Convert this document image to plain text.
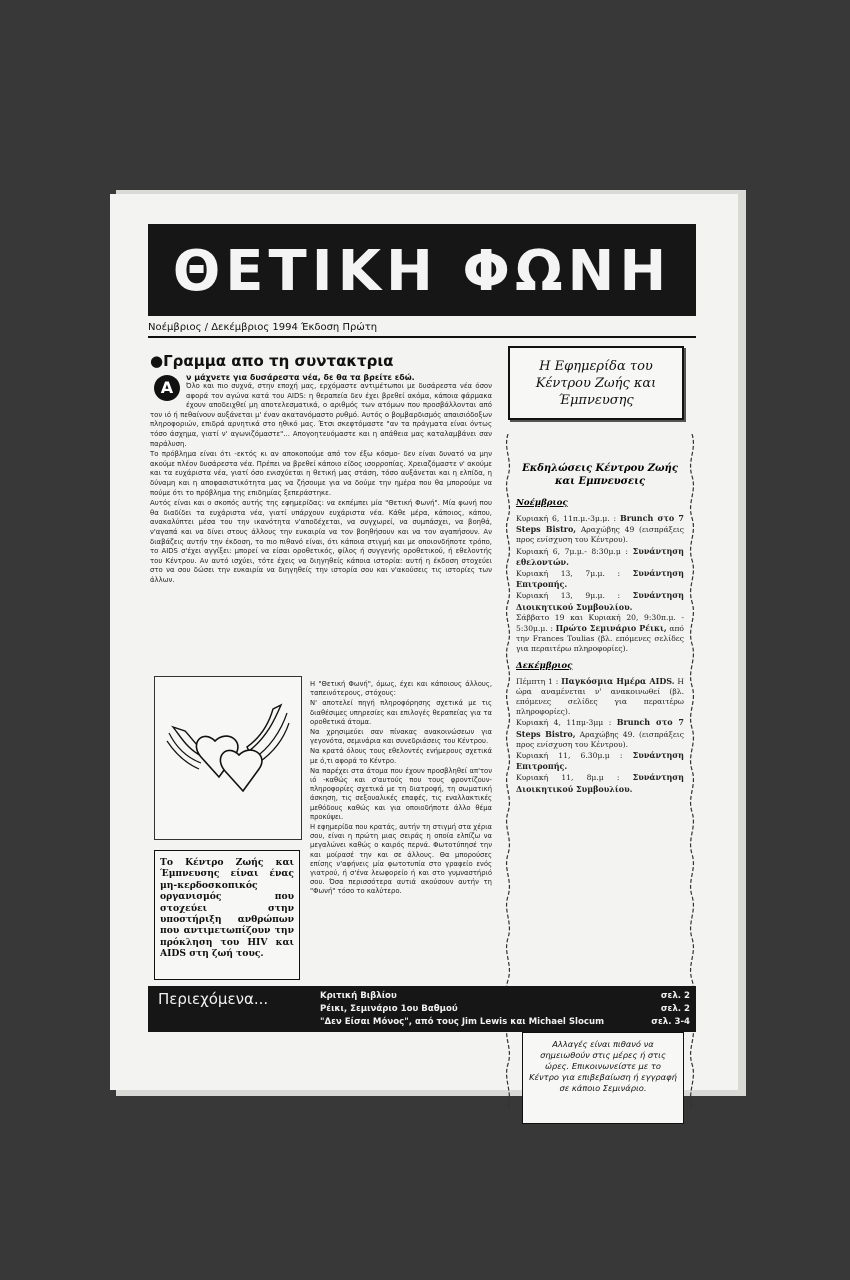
ΘΕΤΙΚΗ ΦΩΝΗ
Νοέμβριος / Δεκέμβριος 1994 Έκδοση Πρώτη
●Γραμμα απο τη συντακτρια
Α
ν μάχνετε για δυσάρεστα νέα, δε θα τα βρείτε εδώ.

Όλο και πιο συχνά, στην εποχή μας, ερχόμαστε αντιμέτωποι με δυσάρεστα νέα όσον αφορά τον αγώνα κατά του AIDS: η θεραπεία δεν έχει βρεθεί ακόμα, κάποια φάρμακα έχουν αποδειχθεί μη αποτελεσματικά, ο αριθμός των ατόμων που προσβάλλονται από τον ιό ή πεθαίνουν αυξάνεται μ' έναν ακατανόμαστο ρυθμό. Αυτός ο βομβαρδισμός απαισιόδοξων πληροφοριών, επιδρά αρνητικά στο ηθικό μας. Έτσι σκεφτόμαστε "αν τα πράγματα είναι όντως τόσο άσχημα, γιατί ν' αγωνιζόμαστε"... Απογοητευόμαστε και η απάθεια μας καταλαμβάνει σαν παράλυση.

Το πρόβλημα είναι ότι -εκτός κι αν αποκοπούμε από τον έξω κόσμο- δεν είναι δυνατό να μην ακούμε πλέον δυσάρεστα νέα. Πρέπει να βρεθεί κάποιο είδος ισορροπίας. Χρειαζόμαστε ν' ακούμε και τα ευχάριστα νέα, γιατί όσο ενισχύεται η θετική μας στάση, τόσο αυξάνεται και η ελπίδα, η δύναμη και η αποφασιστικότητα μας να ζήσουμε για να δούμε την ημέρα που θα μπορούμε να πούμε ότι το πρόβλημα της επιδημίας ξεπεράστηκε.

Αυτός είναι και ο σκοπός αυτής της εφημερίδας: να εκπέμπει μία "Θετική Φωνή". Μία φωνή που θα διαδίδει τα ευχάριστα νέα, γιατί υπάρχουν ευχάριστα νέα. Κάθε μέρα, κάποιος, κάπου, ανακαλύπτει μέσα του την ικανότητα ν'αποδέχεται, να συγχωρεί, να συμπάσχει, να βοηθά, ν'αγαπά και να δίνει στους άλλους την ευκαιρία να τον βοηθήσουν και να τον αγαπήσουν. Αν διαβάζεις αυτήν την έκδοση, το πιο πιθανό είναι, ότι κάποια στιγμή και με οποιονδήποτε τρόπο, το AIDS σ'έχει αγγίξει: μπορεί να είσαι οροθετικός, φίλος ή συγγενής οροθετικού, ή εθελοντής του Κέντρου. Αν αυτό ισχύει, τότε έχεις να διηγηθείς κάποια ιστορία: αυτή η έκδοση στοχεύει στο να σου δώσει την ευκαιρία να διηγηθείς την ιστορία σου και ν'ακούσεις τις ιστορίες των άλλων.

Το Κέντρο Ζωής και Έμπνευσης είναι ένας μη-κερδοσκοπικός οργανισμός που στοχεύει στην υποστήριξη ανθρώπων που αντιμετωπίζουν την πρόκληση του HIV και AIDS στη ζωή τους.

Η "Θετική Φωνή", όμως, έχει και κάποιους άλλους, ταπεινότερους, στόχους:

Ν' αποτελεί πηγή πληροφόρησης σχετικά με τις διαθέσιμες υπηρεσίες και επιλογές θεραπείας για τα οροθετικά άτομα.

Να χρησιμεύει σαν πίνακας ανακοινώσεων για γεγονότα, σεμινάρια και συνεδριάσεις του Κέντρου.

Να κρατά όλους τους εθελοντές ενήμερους σχετικά με ό,τι αφορά το Κέντρο.

Να παρέχει στα άτομα που έχουν προσβληθεί απ'τον ιό -καθώς και σ'αυτούς που τους φροντίζουν- πληροφορίες σχετικά με τη διατροφή, τη σωματική άσκηση, τις σεξουαλικές επαφές, τις εναλλακτικές μεθόδους καθώς και για οποιοδήποτε άλλο θέμα προκύψει.

Η εφημερίδα που κρατάς, αυτήν τη στιγμή στα χέρια σου, είναι η πρώτη μιας σειράς η οποία ελπίζω να μεγαλώνει καθώς ο καιρός περνά. Φωτοτύπησέ την και μοίρασέ την και σε άλλους. Θα μπορούσες επίσης ν'αφήνεις μία φωτοτυπία στο γραφείο ενός γιατρού, ή σ'ένα λεωφορείο ή και στο γυμναστήριό σου. Όσα περισσότερα αυτιά ακούσουν αυτήν τη "Φωνή" τόσο το καλύτερο.

Η Εφημερίδα του Κέντρου Ζωής και Έμπνευσης
Εκδηλώσεις Κέντρου Ζωής και Εμπνευσεις
Νοέμβριος
Κυριακή 6, 11π.μ.-3μ.μ. : Brunch στο 7 Steps Bistro, Αραχώβης 49 (εισπράξεις προς ενίσχυση του Κέντρου).
Κυριακή 6, 7μ.μ.- 8:30μ.μ : Συνάντηση εθελοντών.
Κυριακή 13, 7μ.μ. : Συνάντηση Επιτροπής.
Κυριακή 13, 9μ.μ. : Συνάντηση Διοικητικού Συμβουλίου.
Σάββατο 19 και Κυριακή 20, 9:30π.μ. - 5:30μ.μ. : Πρώτο Σεμινάριο Ρέικι, από την Frances Toulias (βλ. επόμενες σελίδες για περαιτέρω πληροφορίες).
Δεκέμβριος
Πέμπτη 1 : Παγκόσμια Ημέρα AIDS. Η ώρα αναμένεται ν' ανακοινωθεί (βλ. επόμενες σελίδες για περαιτέρω πληροφορίες).
Κυριακή 4, 11πμ-3μμ : Brunch στο 7 Steps Bistro, Αραχώβης 49. (εισπράξεις προς ενίσχυση του Κέντρου).
Κυριακή 11, 6.30μ.μ : Συνάντηση Επιτροπής.
Κυριακή 11, 8μ.μ : Συνάντηση Διοικητικού Συμβουλίου.
Αλλαγές είναι πιθανό να σημειωθούν στις μέρες ή στις ώρες. Επικοινωνείστε με το Κέντρο για επιβεβαίωση ή εγγραφή σε κάποιο Σεμινάριο.
Περιεχόμενα...	Κριτική Βιβλίου	σελ. 2
Ρέικι, Σεμινάριο 1ου Βαθμού	σελ. 2
"Δεν Είσαι Μόνος", από τους Jim Lewis και Michael Slocum	σελ. 3-4
